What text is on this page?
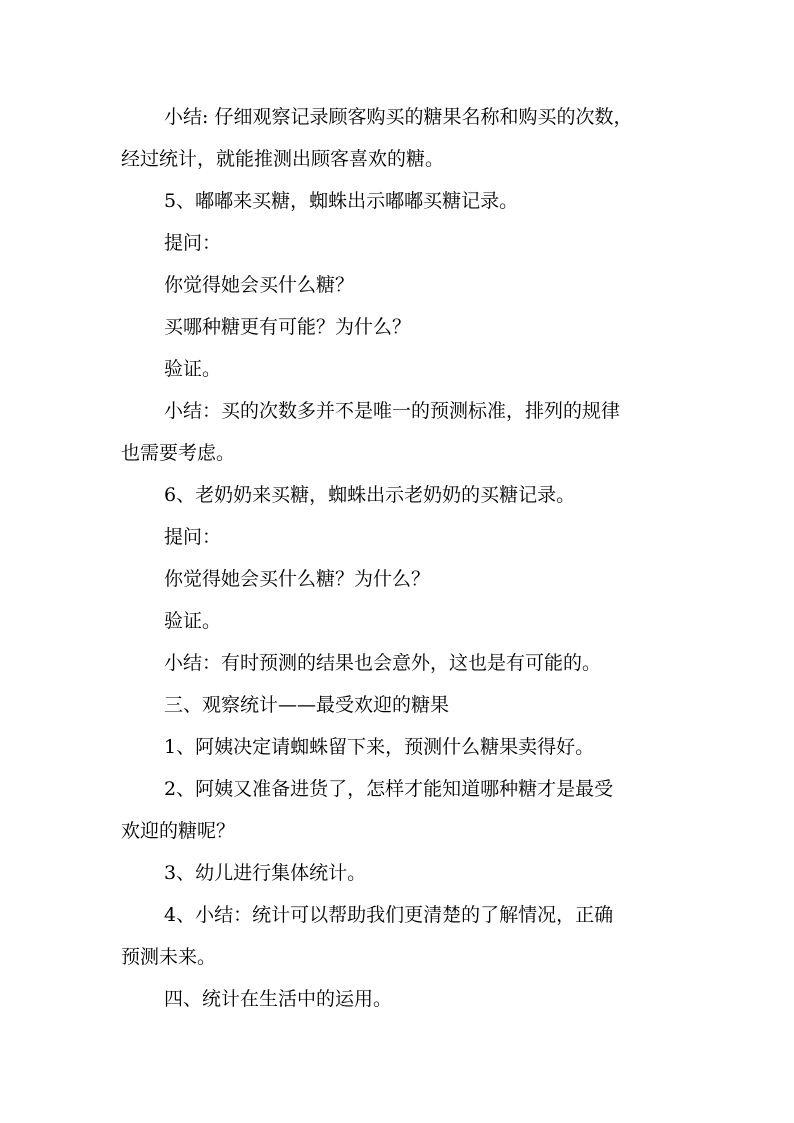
小结: 仔细观察记录顾客购买的糖果名称和购买的次数，
经过统计，就能推测出顾客喜欢的糖。
5、嘟嘟来买糖，蜘蛛出示嘟嘟买糖记录。
提问：
你觉得她会买什么糖？
买哪种糖更有可能？为什么？
验证。
小结：买的次数多并不是唯一的预测标准，排列的规律
也需要考虑。
6、老奶奶来买糖，蜘蛛出示老奶奶的买糖记录。
提问：
你觉得她会买什么糖？为什么？
验证。
小结：有时预测的结果也会意外，这也是有可能的。
三、观察统计——最受欢迎的糖果
1、阿姨决定请蜘蛛留下来，预测什么糖果卖得好。
2、阿姨又准备进货了，怎样才能知道哪种糖才是最受
欢迎的糖呢？
3、幼儿进行集体统计。
4、小结：统计可以帮助我们更清楚的了解情况，正确
预测未来。
四、统计在生活中的运用。
